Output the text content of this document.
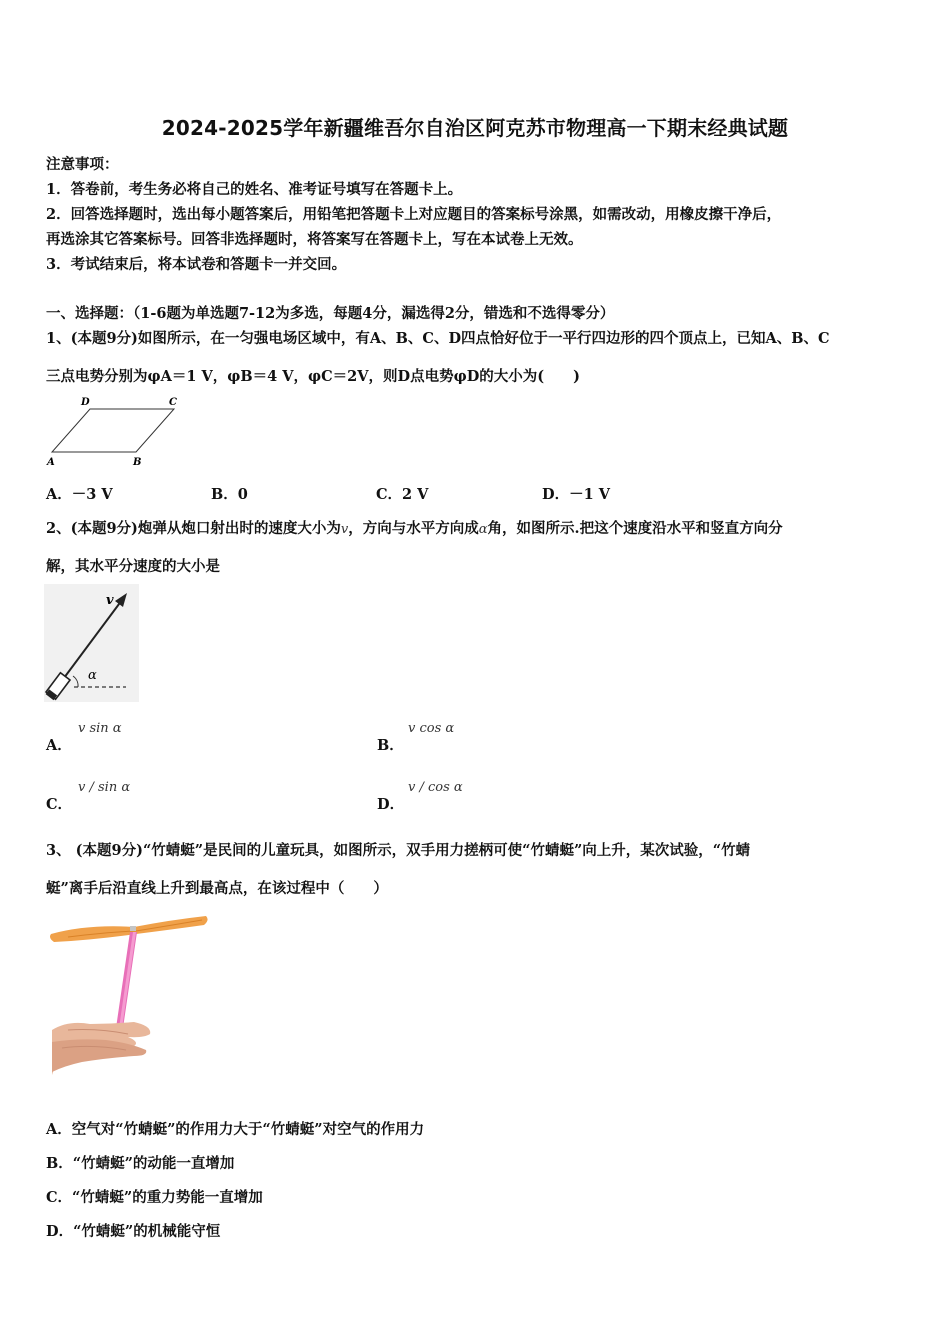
2024-2025学年新疆维吾尔自治区阿克苏市物理高一下期末经典试题
注意事项：
1．答卷前，考生务必将自己的姓名、准考证号填写在答题卡上。
2．回答选择题时，选出每小题答案后，用铅笔把答题卡上对应题目的答案标号涂黑，如需改动，用橡皮擦干净后，
再选涂其它答案标号。回答非选择题时，将答案写在答题卡上，写在本试卷上无效。
3．考试结束后，将本试卷和答题卡一并交回。
一、选择题：（1-6题为单选题7-12为多选，每题4分，漏选得2分，错选和不选得零分）
1、(本题9分)如图所示，在一匀强电场区域中，有A、B、C、D四点恰好位于一平行四边形的四个顶点上，已知A、B、C
三点电势分别为φA＝1 V，φB＝4 V，φC＝2V，则D点电势φD的大小为(　　)
D	C
A	B
A．－3 V	B．0	C．2 V	D．－1 V
2、(本题9分)炮弹从炮口射出时的速度大小为v，方向与水平方向成α角，如图所示.把这个速度沿水平和竖直方向分
解，其水平分速度的大小是
v
α
A．
v sin α
B．
v cos α
C．
v / sin α
D．
v / cos α
3、 (本题9分)“竹蜻蜓”是民间的儿童玩具，如图所示，双手用力搓柄可使“竹蜻蜓”向上升，某次试验，“竹蜻
蜓”离手后沿直线上升到最高点，在该过程中（　　）
A．空气对“竹蜻蜓”的作用力大于“竹蜻蜓”对空气的作用力
B．“竹蜻蜓”的动能一直增加
C．“竹蜻蜓”的重力势能一直增加
D．“竹蜻蜓”的机械能守恒
